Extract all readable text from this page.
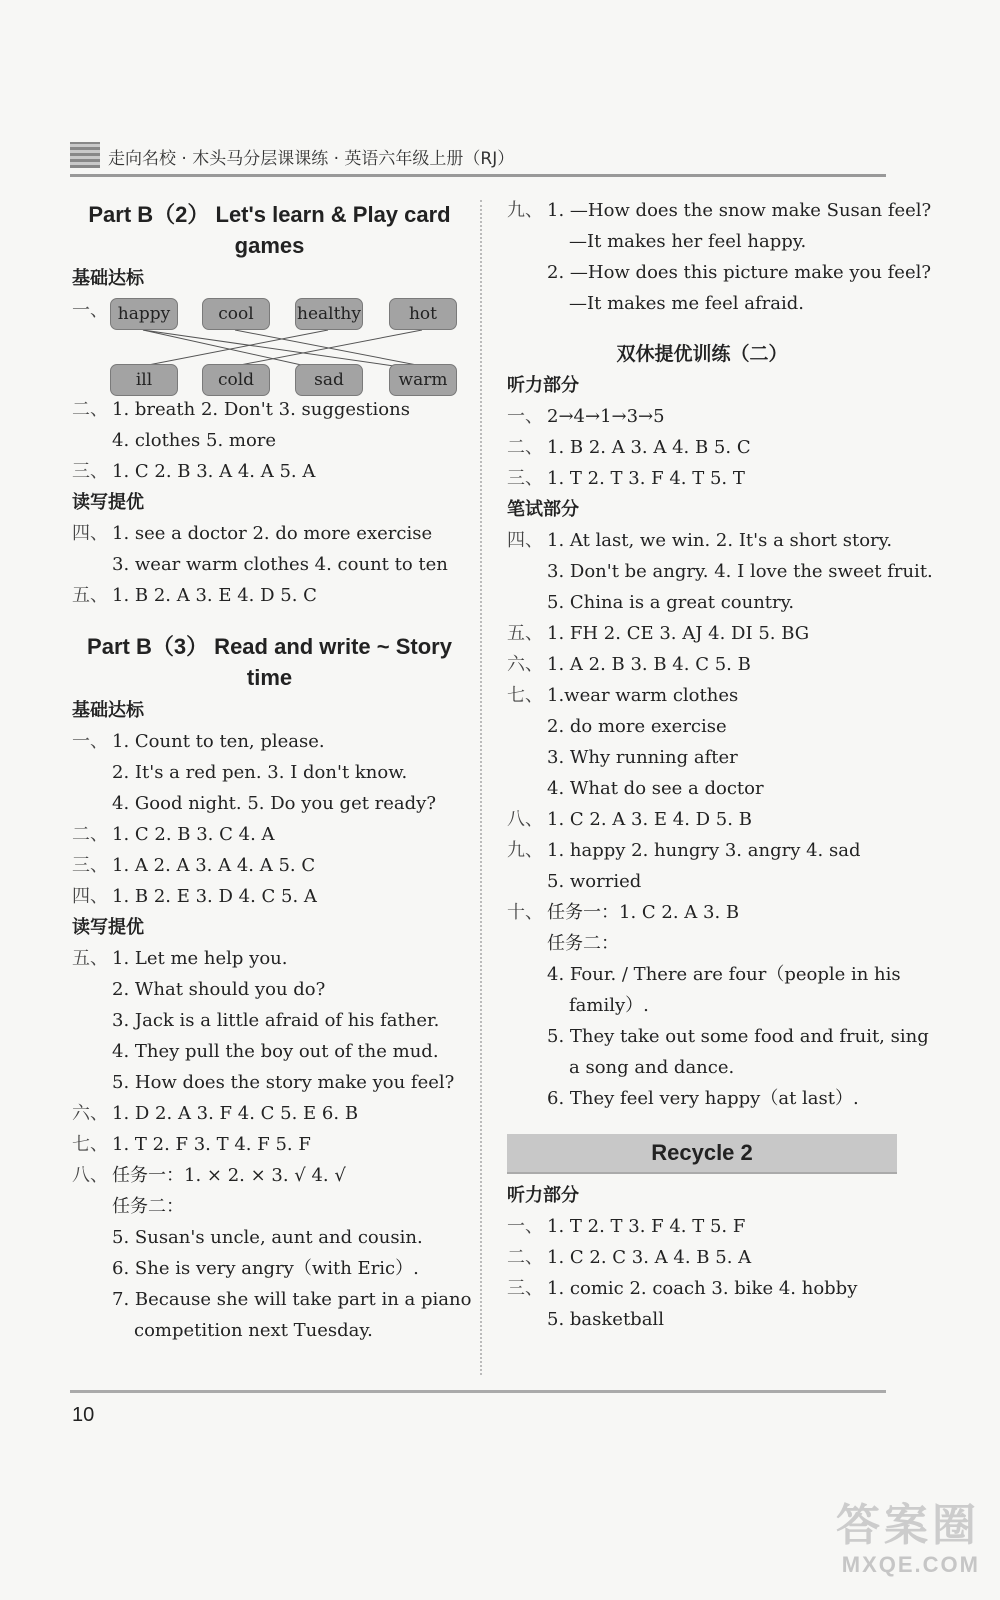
走向名校 · 木头马分层课课练 · 英语六年级上册（RJ）
Part B（2） Let's learn & Play card
games
基础达标
一、 happy	cool	healthy	hot
ill	cold	sad	warm
二、 1. breath 2. Don't 3. suggestions
4. clothes 5. more
三、 1. C 2. B 3. A 4. A 5. A
读写提优
四、 1. see a doctor 2. do more exercise
3. wear warm clothes 4. count to ten
五、 1. B 2. A 3. E 4. D 5. C
Part B（3） Read and write ~ Story
time
基础达标
一、 1. Count to ten, please.
2. It's a red pen. 3. I don't know.
4. Good night. 5. Do you get ready?
二、 1. C 2. B 3. C 4. A
三、 1. A 2. A 3. A 4. A 5. C
四、 1. B 2. E 3. D 4. C 5. A
读写提优
五、 1. Let me help you.
2. What should you do?
3. Jack is a little afraid of his father.
4. They pull the boy out of the mud.
5. How does the story make you feel?
六、 1. D 2. A 3. F 4. C 5. E 6. B
七、 1. T 2. F 3. T 4. F 5. F
八、 任务一：1. × 2. × 3. √ 4. √
任务二：
5. Susan's uncle, aunt and cousin.
6. She is very angry（with Eric）.
7. Because she will take part in a piano
competition next Tuesday.
九、 1. —How does the snow make Susan feel?
—It makes her feel happy.
2. —How does this picture make you feel?
—It makes me feel afraid.
双休提优训练（二）
听力部分
一、 2→4→1→3→5
二、 1. B 2. A 3. A 4. B 5. C
三、 1. T 2. T 3. F 4. T 5. T
笔试部分
四、 1. At last, we win. 2. It's a short story.
3. Don't be angry. 4. I love the sweet fruit.
5. China is a great country.
五、 1. FH 2. CE 3. AJ 4. DI 5. BG
六、 1. A 2. B 3. B 4. C 5. B
七、 1.wear warm clothes
2. do more exercise
3. Why running after
4. What do see a doctor
八、 1. C 2. A 3. E 4. D 5. B
九、 1. happy 2. hungry 3. angry 4. sad
5. worried
十、 任务一：1. C 2. A 3. B
任务二：
4. Four. / There are four（people in his
family）.
5. They take out some food and fruit, sing
a song and dance.
6. They feel very happy（at last）.
Recycle 2
听力部分
一、 1. T 2. T 3. F 4. T 5. F
二、 1. C 2. C 3. A 4. B 5. A
三、 1. comic 2. coach 3. bike 4. hobby
5. basketball
10
答案圈
MXQE.COM
